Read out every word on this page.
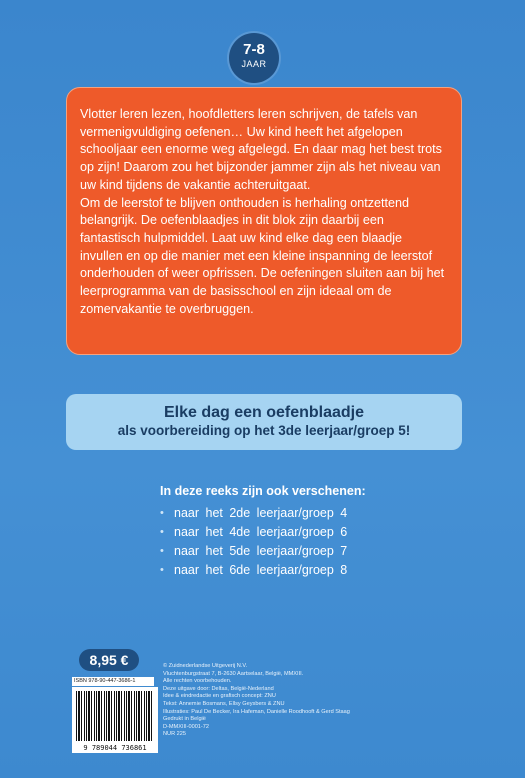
7-8
JAAR

Vlotter leren lezen, hoofdletters leren schrijven, de tafels van vermenigvuldiging oefenen… Uw kind heeft het afgelopen schooljaar een enorme weg afgelegd. En daar mag het best trots op zijn! Daarom zou het bijzonder jammer zijn als het niveau van uw kind tijdens de vakantie achteruitgaat.

Om de leerstof te blijven onthouden is herhaling ontzettend belangrijk. De oefenblaadjes in dit blok zijn daarbij een fantastisch hulpmiddel. Laat uw kind elke dag een blaadje invullen en op die manier met een kleine inspanning de leerstof onderhouden of weer opfrissen. De oefeningen sluiten aan bij het leerprogramma van de basisschool en zijn ideaal om de zomervakantie te overbruggen.

Elke dag een oefenblaadje
als voorbereiding op het 3de leerjaar/groep 5!
In deze reeks zijn ook verschenen:
• naar het 2de leerjaar/groep 4
• naar het 4de leerjaar/groep 6
• naar het 5de leerjaar/groep 7
• naar het 6de leerjaar/groep 8
8,95 €
ISBN 978-90-447-3686-1
9 789044 736861
© Zuidnederlandse Uitgeverij N.V.
Vluchtenburgstraat 7, B-2630 Aartselaar, België, MMXIII.
Alle rechten voorbehouden.
Deze uitgave door: Deltas, België-Nederland
Idee & eindredactie en grafisch concept: ZNU
Tekst: Annemie Bosmans, Ellsy Geysbers & ZNU
Illustraties: Paul De Becker, Ira Hafeman, Danielle Roodhooft & Gerd Staag
Gedrukt in België
D-MMXIII-0001-72
NUR 225
